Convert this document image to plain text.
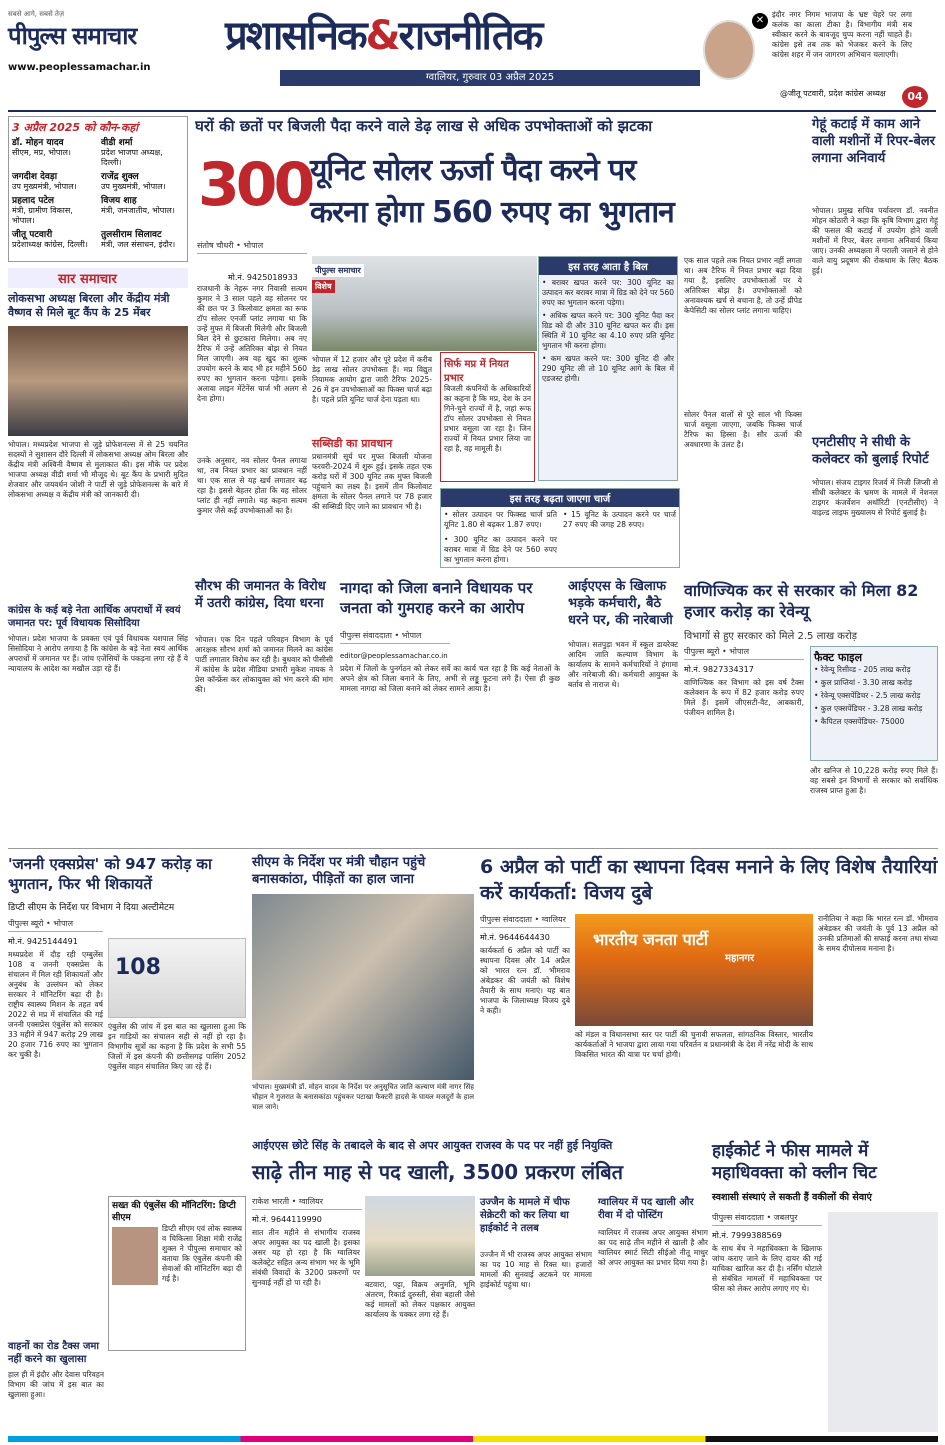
सबसे आगे, सबसे तेज़
पीपुल्स समाचार
www.peoplessamachar.in
प्रशासनिक&राजनीतिक
ग्वालियर, गुरुवार 03 अप्रैल 2025
✕
इंदौर नगर निगम भाजपा के भ्रष्ट चेहरे पर लगा कलंक का काला टीका है। विभागीय मंत्री सब स्वीकार करने के बावजूद चुप्प करना नहीं चाहते हैं। कांग्रेस इसे तब तक को भेजकर करने के लिए कांग्रेस शहर में जन जागरण अभियान चलाएगी।
@जीतू पटवारी, प्रदेश कांग्रेस अध्यक्ष	04
3 अप्रैल 2025 को कौन-कहां
डॉ. मोहन यादव
सीएम, मप्र, भोपाल।
वीडी शर्मा
प्रदेश भाजपा अध्यक्ष, दिल्ली।
जगदीश देवड़ा
उप मुख्यमंत्री, भोपाल।
राजेंद्र शुक्ल
उप मुख्यमंत्री, भोपाल।
प्रहलाद पटेल
मंत्री, ग्रामीण विकास, भोपाल।
विजय शाह
मंत्री, जनजातीय, भोपाल।
जीतू पटवारी
प्रदेशाध्यक्ष कांग्रेस, दिल्ली।
तुलसीराम सिलावट
मंत्री, जल संसाधन, इंदौर।
घरों की छतों पर बिजली पैदा करने वाले डेढ़ लाख से अधिक उपभोक्ताओं को झटका
300
यूनिट सोलर ऊर्जा पैदा करने पर
करना होगा 560 रुपए का भुगतान
संतोष चौधरी • भोपाल
मो.नं. 9425018933
राजधानी के नेहरू नगर निवासी सत्यम कुमार ने 3 साल पहले वह सोलनर पर की छत पर 3 किलोवाट क्षमता का रूफ टॉप सोलर एनर्जी प्लांट लगाया था कि उन्हें मुफ्त में बिजली मिलेगी और बिजली बिल देने से छुटकारा मिलेगा। अब नए टैरिफ में उन्हें अतिरिक्त बोझ से नियत मिल जाएगी। अब वह खुद का शुल्क उपयोग करने के बाद भी हर महीने 560 रुपए का भुगतान करना पड़ेगा। इसके अलावा लाइन मेंटेनेंस चार्ज भी अलग से देना होगा।
उनके अनुसार, नव सोलर पैनल लगाया था, तब नियत प्रभार का प्रावधान नहीं था। एक साल से यह खर्च लगातार बढ़ रहा है। इससे बेहतर होता कि वह सोलर प्लांट ही नहीं लगाते। यह कहना सत्यम कुमार जैसे कई उपभोक्ताओं का है।
पीपुल्स समाचार
विशेष
भोपाल में 12 हजार और पूरे प्रदेश में करीब डेढ़ लाख सोलर उपभोक्ता हैं। मप्र विद्युत नियामक आयोग द्वारा जारी टैरिफ 2025-26 में इन उपभोक्ताओं का फिक्स चार्ज बढ़ा है। पहले प्रति यूनिट चार्ज देना पड़ता था।
सब्सिडी का प्रावधान
प्रधानमंत्री सूर्य घर मुफ्त बिजली योजना फरवरी-2024 में शुरू हुई। इसके तहत एक करोड़ घरों में 300 यूनिट तक मुफ्त बिजली पहुंचाने का लक्ष्य है। इसमें तीन किलोवाट क्षमता के सोलर पैनल लगाने पर 78 हजार की सब्सिडी दिए जाने का प्रावधान भी है।
सिर्फ मप्र में नियत प्रभार
बिजली कंपनियों के अधिकारियों का कहना है कि मप्र, देश के उन गिने-चुने राज्यों में है, जहां रूफ टॉप सोलर उपभोक्ता से नियत प्रभार वसूला जा रहा है। जिन राज्यों में नियत प्रभार लिया जा रहा है, वह मामूली है।
इस तरह आता है बिल
• बराबर खपत करने पर: 300 यूनिट का उत्पादन कर बराबर मात्रा में ग्रिड को देने पर 560 रुपए का भुगतान करना पड़ेगा।
• अधिक खपत करने पर: 300 यूनिट पैदा कर ग्रिड को दी और 310 यूनिट खपत कर दी। इस स्थिति में 10 यूनिट का 4.10 रुपए प्रति यूनिट भुगतान भी करना होगा।
• कम खपत करने पर: 300 यूनिट दी और 290 यूनिट ली तो 10 यूनिट आगे के बिल में एडजस्ट होगी।
इस तरह बढ़ता जाएगा चार्ज
• सोलर उत्पादन पर फिक्स्ड चार्ज प्रति यूनिट 1.80 से बढ़कर 1.87 रुपए।
• 15 यूनिट के उत्पादन करने पर चार्ज 27 रुपए की जगह 28 रुपए।
• 300 यूनिट का उत्पादन करने पर बराबर मात्रा में ग्रिड देने पर 560 रुपए का भुगतान करना होगा।
एक साल पहले तक नियत प्रभार नहीं लगता था। अब टैरिफ में नियत प्रभार बढ़ा दिया गया है, इसलिए उपभोक्ताओं पर ये अतिरिक्त बोझ है। उपभोक्ताओं को अनावश्यक खर्च से बचाना है, तो उन्हें प्रीपेड केपेसिटी का सोलर प्लांट लगाना चाहिए।
सोलर पैनल वालों से पूरे साल भी फिक्स चार्ज वसूला जाएगा, जबकि फिक्स चार्ज टैरिफ का हिस्सा है। सौर ऊर्जा की अवधारणा के उलट है।
गेहूं कटाई में काम आने वाली मशीनों में रिपर-बेलर लगाना अनिवार्य
भोपाल। प्रमुख सचिव पर्यावरण डॉ. नवनीत मोहन कोठारी ने कहा कि कृषि विभाग द्वारा गेहूं की फसल की कटाई में उपयोग होने वाली मशीनों में रिपर, बेलर लगाना अनिवार्य किया जाए। उनकी अध्यक्षता में पराली जलाने से होने वाले वायु प्रदूषण की रोकथाम के लिए बैठक हुई।
एनटीसीए ने सीधी के कलेक्टर को बुलाई रिपोर्ट
भोपाल। संजय टाइगर रिजर्व में निजी जिप्सी से सीधी कलेक्टर के भ्रमण के मामले में नेशनल टाइगर कंजर्वेशन अथॉरिटी (एनटीसीए) ने वाइल्ड लाइफ मुख्यालय से रिपोर्ट बुलाई है।
सार समाचार
लोकसभा अध्यक्ष बिरला और केंद्रीय मंत्री वैष्णव से मिले बूट कैंप के 25 मेंबर
भोपाल। मध्यप्रदेश भाजपा से जुड़े प्रोफेशनल्स में से 25 चयनित सदस्यों ने सुशासन दौरे दिल्ली में लोकसभा अध्यक्ष ओम बिरला और केंद्रीय मंत्री अश्विनी वैष्णव से मुलाकात की। इस मौके पर प्रदेश भाजपा अध्यक्ष वीडी शर्मा भी मौजूद थे। बूट कैंप के प्रभारी मुदित शेजवार और जयवर्धन जोशी ने पार्टी से जुड़े प्रोफेशनल्स के बारे में लोकसभा अध्यक्ष व केंद्रीय मंत्री को जानकारी दी।
कांग्रेस के कई बड़े नेता आर्थिक अपराधों में स्वयं जमानत पर: पूर्व विधायक सिसोदिया
भोपाल। प्रदेश भाजपा के प्रवक्ता एवं पूर्व विधायक यशपाल सिंह सिसोदिया ने आरोप लगाया है कि कांग्रेस के बड़े नेता स्वयं आर्थिक अपराधों में जमानत पर हैं। जांच एजेंसियों के पकड़ना लगा रहे हैं ये न्यायालय के आदेश का मखौल उड़ा रहे हैं।
सौरभ की जमानत के विरोध में उतरी कांग्रेस, दिया धरना
भोपाल। एक दिन पहले परिवहन विभाग के पूर्व आरक्षक सौरभ शर्मा को जमानत मिलने का कांग्रेस पार्टी लगातार विरोध कर रही है। बुधवार को पीसीसी में कांग्रेस के प्रदेश मीडिया प्रभारी मुकेश नायक ने प्रेस कॉन्फ्रेंस कर लोकायुक्त को भंग करने की मांग की।
नागदा को जिला बनाने विधायक पर जनता को गुमराह करने का आरोप
पीपुल्स संवाददाता • भोपाल
editor@peoplessamachar.co.in
प्रदेश में जिलों के पुनर्गठन को लेकर सर्वे का कार्य चल रहा है कि कई नेताओं के अपने क्षेत्र को जिला बनाने के लिए, अभी से लड्डू फूटना लगे हैं। ऐसा ही कुछ मामला नागदा को जिला बनाने को लेकर सामने आया है।
आईएएस के खिलाफ भड़के कर्मचारी, बैठे धरने पर, की नारेबाजी
भोपाल। सतपुड़ा भवन में स्कूल डायरेक्ट आदिम जाति कल्याण विभाग के कार्यालय के सामने कर्मचारियों ने हंगामा और नारेबाजी की। कर्मचारी आयुक्त के बर्ताव से नाराज थे।
वाणिज्यिक कर से सरकार को मिला 82 हजार करोड़ का रेवेन्यू
विभागों से हुए सरकार को मिले 2.5 लाख करोड़
पीपुल्स ब्यूरो • भोपाल
मो.नं. 9827334317
वाणिज्यिक कर विभाग को इस वर्ष टैक्स कलेक्शन के रूप में 82 हजार करोड़ रुपए मिले हैं। इसमें जीएसटी-वैट, आबकारी, पंजीयन शामिल है।
फैक्ट फाइल
• रेवेन्यू रिसीव्ड - 205 लाख करोड़
• कुल प्राप्तियां - 3.30 लाख करोड़
• रेवेन्यू एक्सपेंडिचर - 2.5 लाख करोड़
• कुल एक्सपेंडिचर - 3.28 लाख करोड़
• कैपिटल एक्सपेंडिचर- 75000
और खनिज से 10,228 करोड़ रुपए मिले हैं। वह सबसे इन विभागों से सरकार को सर्वाधिक राजस्व प्राप्त हुआ है।
'जननी एक्सप्रेस' को 947 करोड़ का भुगतान, फिर भी शिकायतें
डिप्टी सीएम के निर्देश पर विभाग ने दिया अल्टीमेटम
पीपुल्स ब्यूरो • भोपाल
मो.नं. 9425144491
मध्यप्रदेश में दौड़ रही एम्बुलेंस 108 व जननी एक्सप्रेस के संचालन में मिल रही शिकायतों और अनुबंध के उल्लंघन को लेकर सरकार ने मॉनिटरिंग बढ़ा दी है। राष्ट्रीय स्वास्थ्य मिशन के तहत वर्ष 2022 से मप्र में संचालित की गई जननी एक्सप्रेस एंबुलेंस को सरकार 33 महीने में 947 करोड़ 29 लाख 20 हजार 716 रुपए का भुगतान कर चुकी है।
108
एंबुलेंस की जांच में इस बात का खुलासा हुआ कि इन गाड़ियों का संचालन सही से नहीं हो रहा है। विभागीय सूत्रों का कहना है कि प्रदेश के सभी 55 जिलों में इस कंपनी की छत्तीसगढ़ पासिंग 2052 एंबुलेंस वाहन संचालित किए जा रहे हैं।
सख्त की एंबुलेंस की मॉनिटरिंग: डिप्टी सीएम
डिप्टी सीएम एवं लोक स्वास्थ्य व चिकित्सा शिक्षा मंत्री राजेंद्र शुक्ल ने पीपुल्स समाचार को बताया कि एंबुलेंस कंपनी की सेवाओं की मॉनिटरिंग बढ़ा दी गई है।
वाहनों का रोड टैक्स जमा नहीं करने का खुलासा
हाल ही में इंदौर और देवास परिवहन विभाग की जांच में इस बात का खुलासा हुआ।
सीएम के निर्देश पर मंत्री चौहान पहुंचे बनासकांठा, पीड़ितों का हाल जाना
भोपाल। मुख्यमंत्री डॉ. मोहन यादव के निर्देश पर अनुसूचित जाति कल्याण मंत्री नागर सिंह चौहान ने गुजरात के बनासकांठा पहुंचकर पटाखा फैक्टरी हादसे के घायल मजदूरों के हाल चाल जाने।
6 अप्रैल को पार्टी का स्थापना दिवस मनाने के लिए विशेष तैयारियां करें कार्यकर्ता: विजय दुबे
पीपुल्स संवाददाता • ग्वालियर
मो.नं. 9644644430
कार्यकर्ता 6 अप्रैल को पार्टी का स्थापना दिवस और 14 अप्रैल को भारत रत्न डॉ. भीमराव अंबेडकर की जयंती को विशेष तैयारी के साथ मनाएं। यह बात भाजपा के जिलाध्यक्ष विजय दुबे ने कही।
भारतीय जनता पार्टी
महानगर
को मंडल व विधानसभा स्तर पर पार्टी की चुनावी सफलता, सांगठनिक विस्तार, भारतीय कार्यकर्ताओं ने भाजपा द्वारा लाया गया परिवर्तन व प्रधानमंत्री के देश में नरेंद्र मोदी के साथ विकसित भारत की यात्रा पर चर्चा होगी।
रानीतिया ने कहा कि भारत रत्न डॉ. भीमराव अंबेडकर की जयंती के पूर्व 13 अप्रैल को उनकी प्रतिमाओं की सफाई करना तथा संध्या के समय दीपोत्सव मनाना है।
आईएएस छोटे सिंह के तबादले के बाद से अपर आयुक्त राजस्व के पद पर नहीं हुई नियुक्ति
साढ़े तीन माह से पद खाली, 3500 प्रकरण लंबित
राकेश भारती • ग्वालियर
मो.नं. 9644119990
सात तीन महीने से संभागीय राजस्व अपर आयुक्त का पद खाली है। इसका असर यह हो रहा है कि ग्वालियर कलेक्ट्रेट सहित अन्य संभाग भर के भूमि संबंधी विवादों के 3200 प्रकरणों पर सुनवाई नहीं हो पा रही है।	बटवारा, पट्टा, विक्रय अनुमति, भूमि अंतरण, रिकार्ड दुरुस्ती, सेवा बहाली जैसे कई मामलों को लेकर पक्षकार आयुक्त कार्यालय के चक्कर लगा रहे हैं।
उज्जैन के मामले में चीफ सेक्रेटरी को कर लिया था हाईकोर्ट ने तलब
उज्जैन में भी राजस्व अपर आयुक्त संभाग का पद 10 माह से रिक्त था। हजारों मामलों की सुनवाई अटकने पर मामला हाईकोर्ट पहुंचा था।
ग्वालियर में पद खाली और रीवा में दो पोस्टिंग
ग्वालियर में राजस्व अपर आयुक्त संभाग का पद साढ़े तीन महीने से खाली है और ग्वालियर स्मार्ट सिटी सीईओ नीतू माथुर को अपर आयुक्त का प्रभार दिया गया है।
हाईकोर्ट ने फीस मामले में महाधिवक्ता को क्लीन चिट
स्वशासी संस्थाएं ले सकती हैं वकीलों की सेवाएं
पीपुल्स संवाददाता • जबलपुर
मो.नं. 7999388569
के साथ बेंच ने महाधिवक्ता के खिलाफ जांच कराए जाने के लिए दायर की गई याचिका खारिज कर दी है। नर्सिंग घोटाले से संबंधित मामलों में महाधिवक्ता पर फीस को लेकर आरोप लगाए गए थे।
